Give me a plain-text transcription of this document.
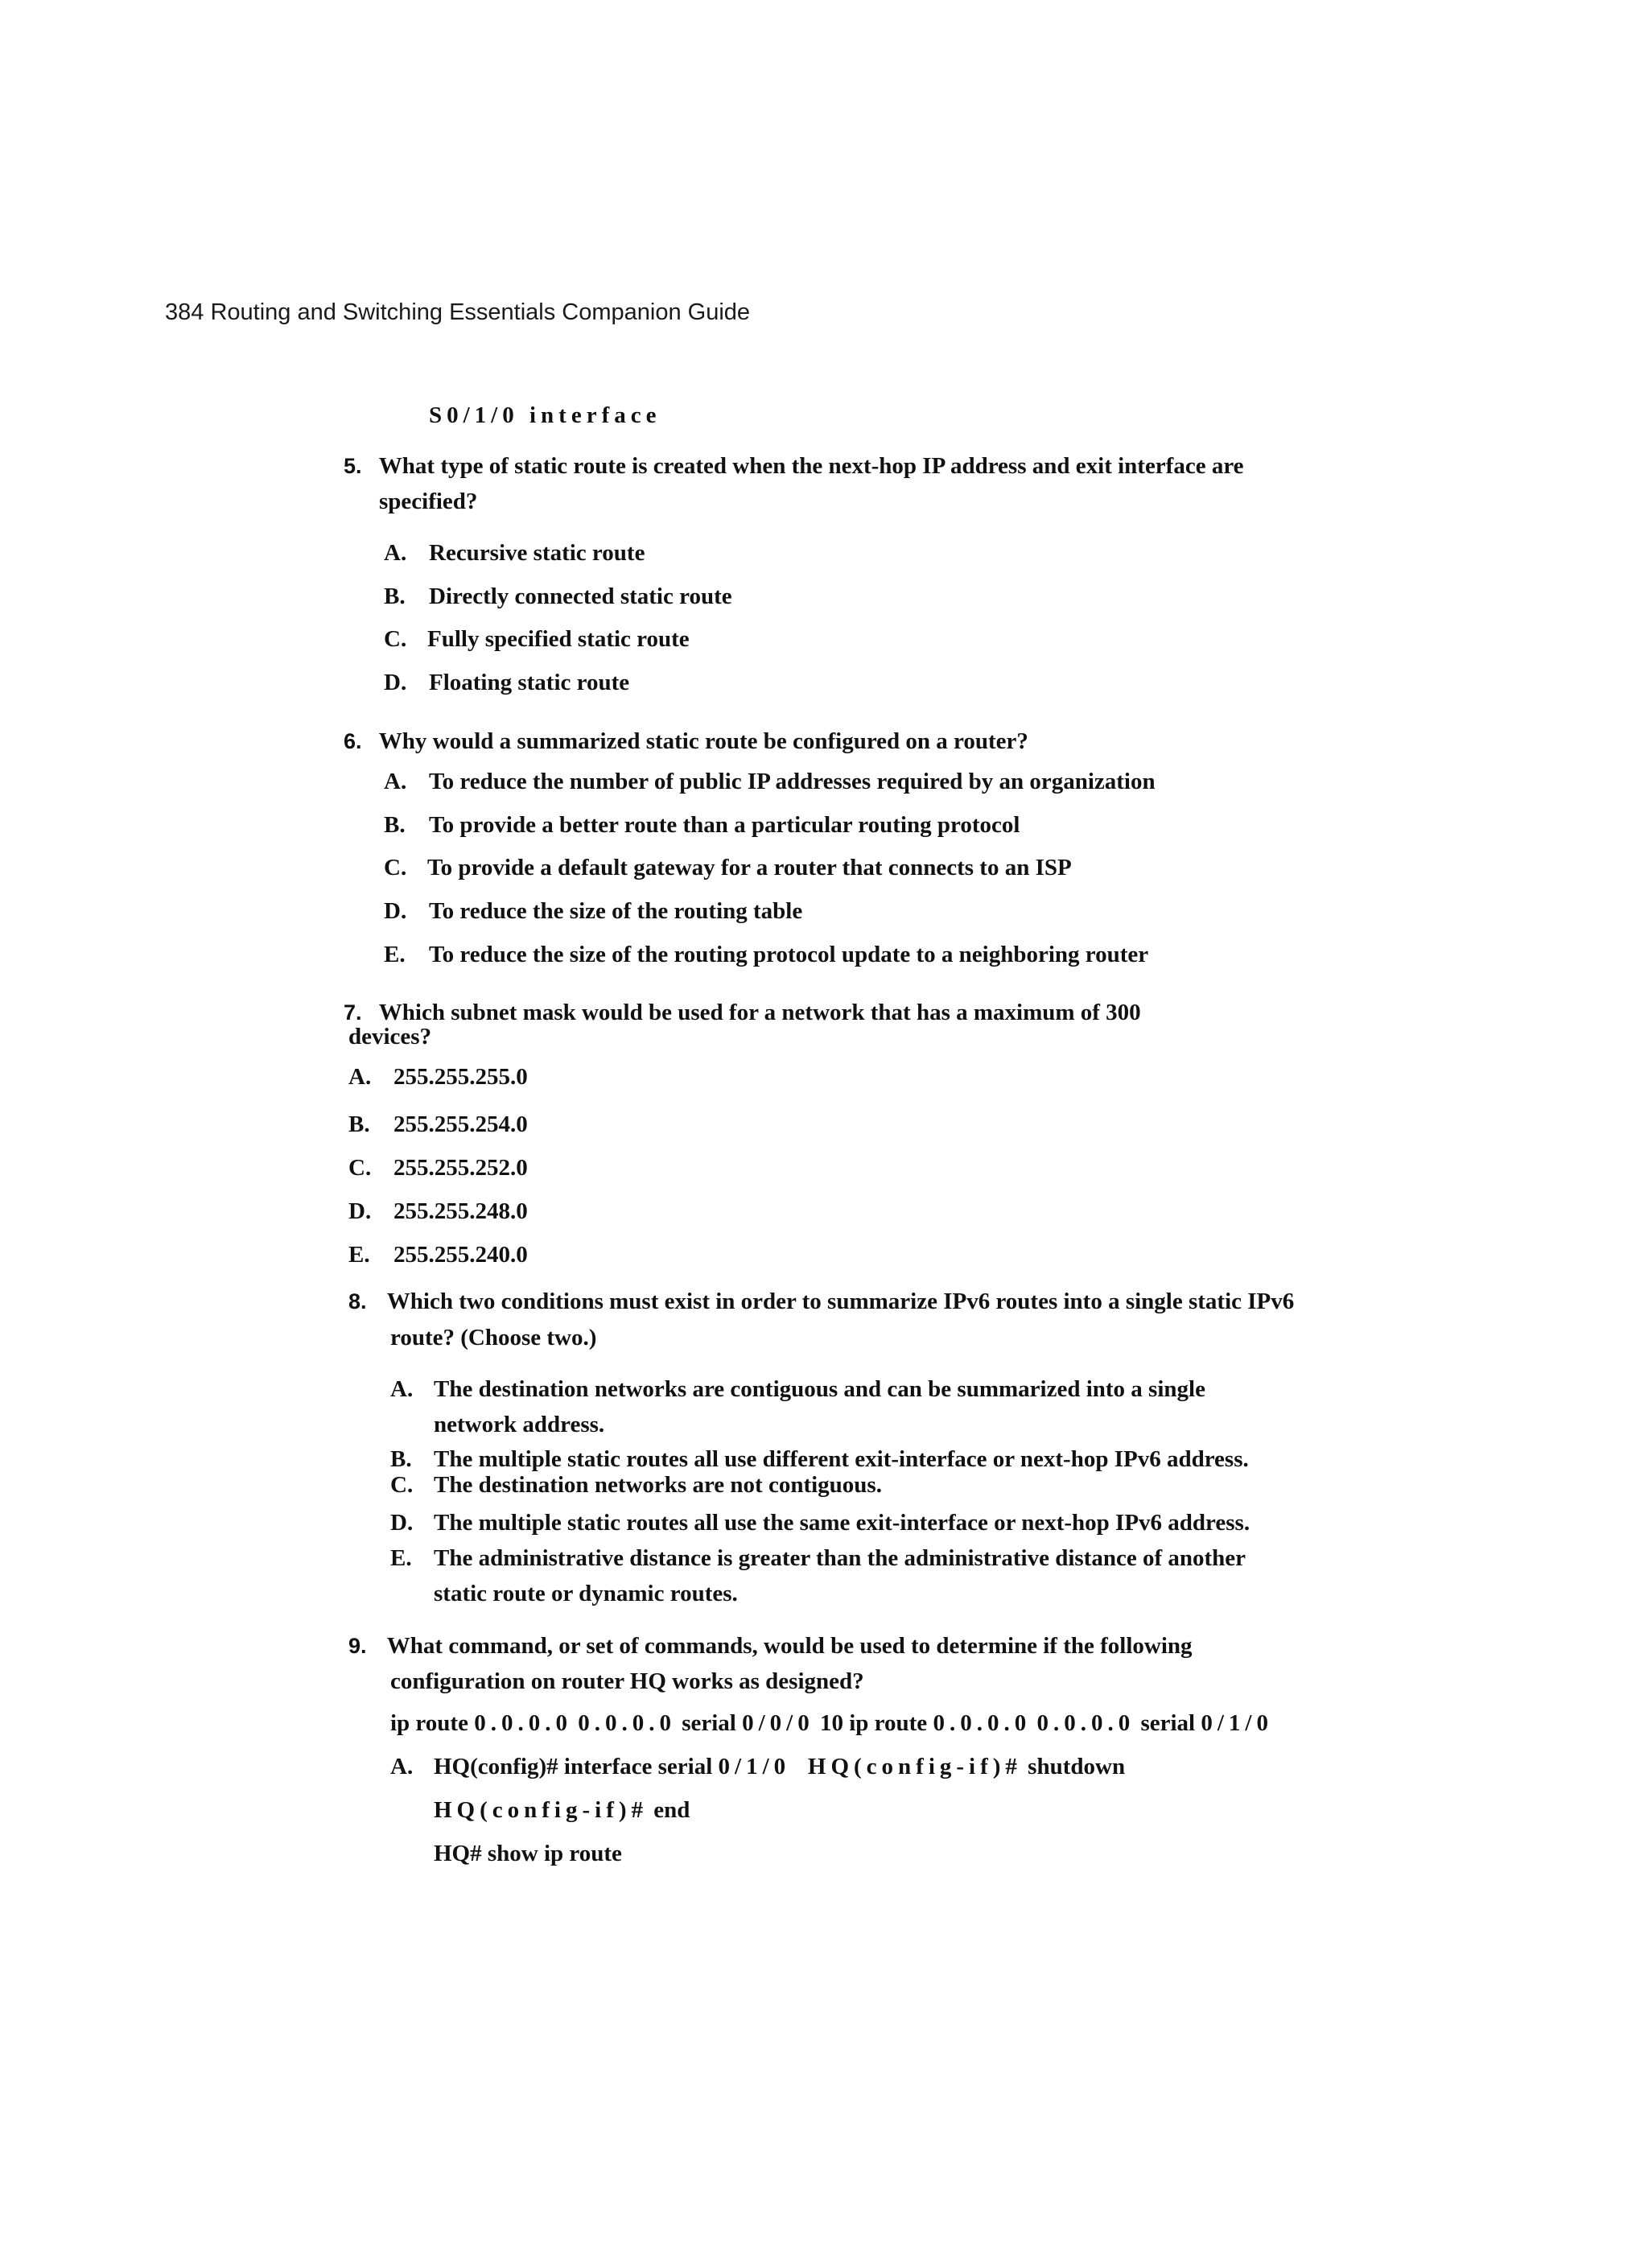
384 Routing and Switching Essentials Companion Guide
S0/1/0 interface
5. What type of static route is created when the next-hop IP address and exit interface are
specified?
A. Recursive static route
B. Directly connected static route
C. Fully specified static route
D. Floating static route
6. Why would a summarized static route be configured on a router?
A. To reduce the number of public IP addresses required by an organization
B. To provide a better route than a particular routing protocol
C. To provide a default gateway for a router that connects to an ISP
D. To reduce the size of the routing table
E. To reduce the size of the routing protocol update to a neighboring router
7. Which subnet mask would be used for a network that has a maximum of 300
devices?
A. 255.255.255.0
B. 255.255.254.0
C. 255.255.252.0
D. 255.255.248.0
E. 255.255.240.0
8. Which two conditions must exist in order to summarize IPv6 routes into a single static IPv6
route? (Choose two.)
A. The destination networks are contiguous and can be summarized into a single
network address.
B. The multiple static routes all use different exit-interface or next-hop IPv6 address.
C. The destination networks are not contiguous.
D. The multiple static routes all use the same exit-interface or next-hop IPv6 address.
E. The administrative distance is greater than the administrative distance of another
static route or dynamic routes.
9. What command, or set of commands, would be used to determine if the following
configuration on router HQ works as designed?
ip route 0.0.0.0 0.0.0.0 serial 0/0/0 10 ip route 0.0.0.0 0.0.0.0 serial 0/1/0
A. HQ(config)# interface serial 0/1/0 HQ(config-if)# shutdown
HQ(config-if)# end
HQ# show ip route
